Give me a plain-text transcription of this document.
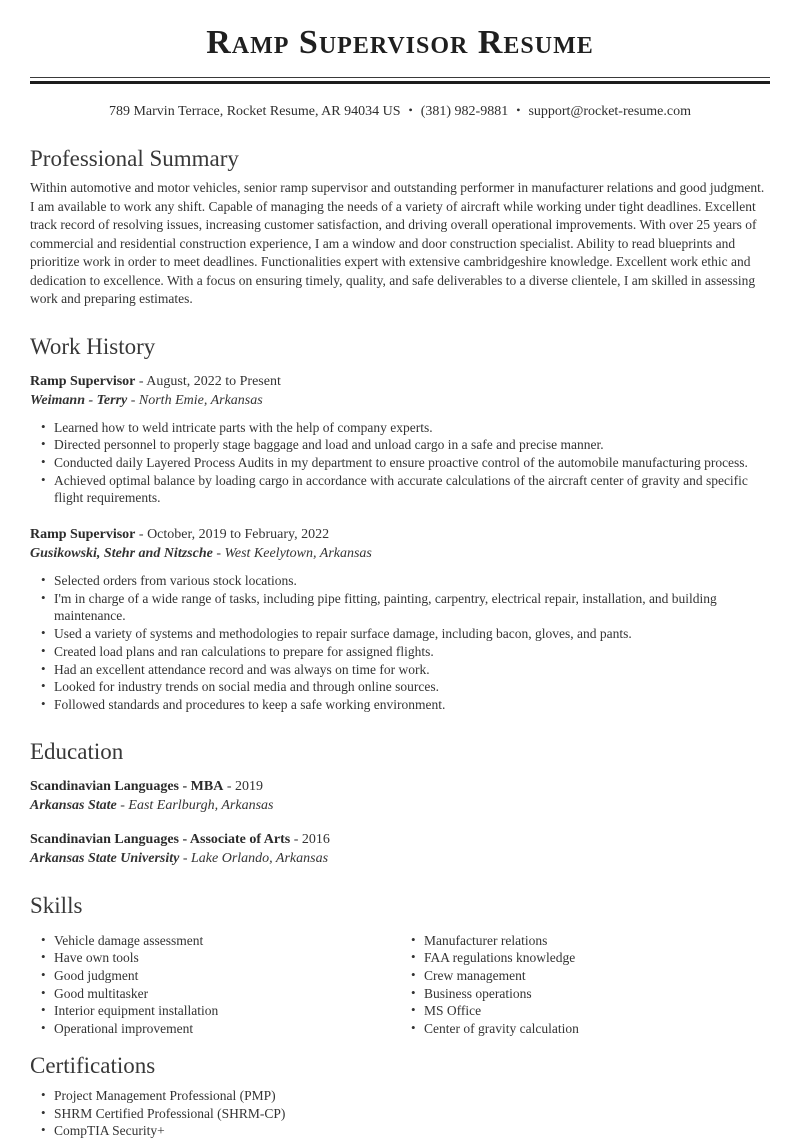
Ramp Supervisor Resume
789 Marvin Terrace, Rocket Resume, AR 94034 US • (381) 982-9881 • support@rocket-resume.com
Professional Summary

Within automotive and motor vehicles, senior ramp supervisor and outstanding performer in manufacturer relations and good judgment. I am available to work any shift. Capable of managing the needs of a variety of aircraft while working under tight deadlines. Excellent track record of resolving issues, increasing customer satisfaction, and driving overall operational improvements. With over 25 years of commercial and residential construction experience, I am a window and door construction specialist. Ability to read blueprints and prioritize work in order to meet deadlines. Functionalities expert with extensive cambridgeshire knowledge. Excellent work ethic and dedication to excellence. With a focus on ensuring timely, quality, and safe deliverables to a diverse clientele, I am skilled in assessing work and preparing estimates.

Work History

Ramp Supervisor - August, 2022 to Present

Weimann - Terry - North Emie, Arkansas

• Learned how to weld intricate parts with the help of company experts.
• Directed personnel to properly stage baggage and load and unload cargo in a safe and precise manner.
• Conducted daily Layered Process Audits in my department to ensure proactive control of the automobile manufacturing process.
• Achieved optimal balance by loading cargo in accordance with accurate calculations of the aircraft center of gravity and specific flight requirements.

Ramp Supervisor - October, 2019 to February, 2022

Gusikowski, Stehr and Nitzsche - West Keelytown, Arkansas

• Selected orders from various stock locations.
• I'm in charge of a wide range of tasks, including pipe fitting, painting, carpentry, electrical repair, installation, and building maintenance.
• Used a variety of systems and methodologies to repair surface damage, including bacon, gloves, and pants.
• Created load plans and ran calculations to prepare for assigned flights.
• Had an excellent attendance record and was always on time for work.
• Looked for industry trends on social media and through online sources.
• Followed standards and procedures to keep a safe working environment.
Education

Scandinavian Languages - MBA - 2019

Arkansas State - East Earlburgh, Arkansas

Scandinavian Languages - Associate of Arts - 2016

Arkansas State University - Lake Orlando, Arkansas

Skills
• Vehicle damage assessment
• Have own tools
• Good judgment
• Good multitasker
• Interior equipment installation
• Operational improvement
• Manufacturer relations
• FAA regulations knowledge
• Crew management
• Business operations
• MS Office
• Center of gravity calculation
Certifications
• Project Management Professional (PMP)
• SHRM Certified Professional (SHRM-CP)
• CompTIA Security+
